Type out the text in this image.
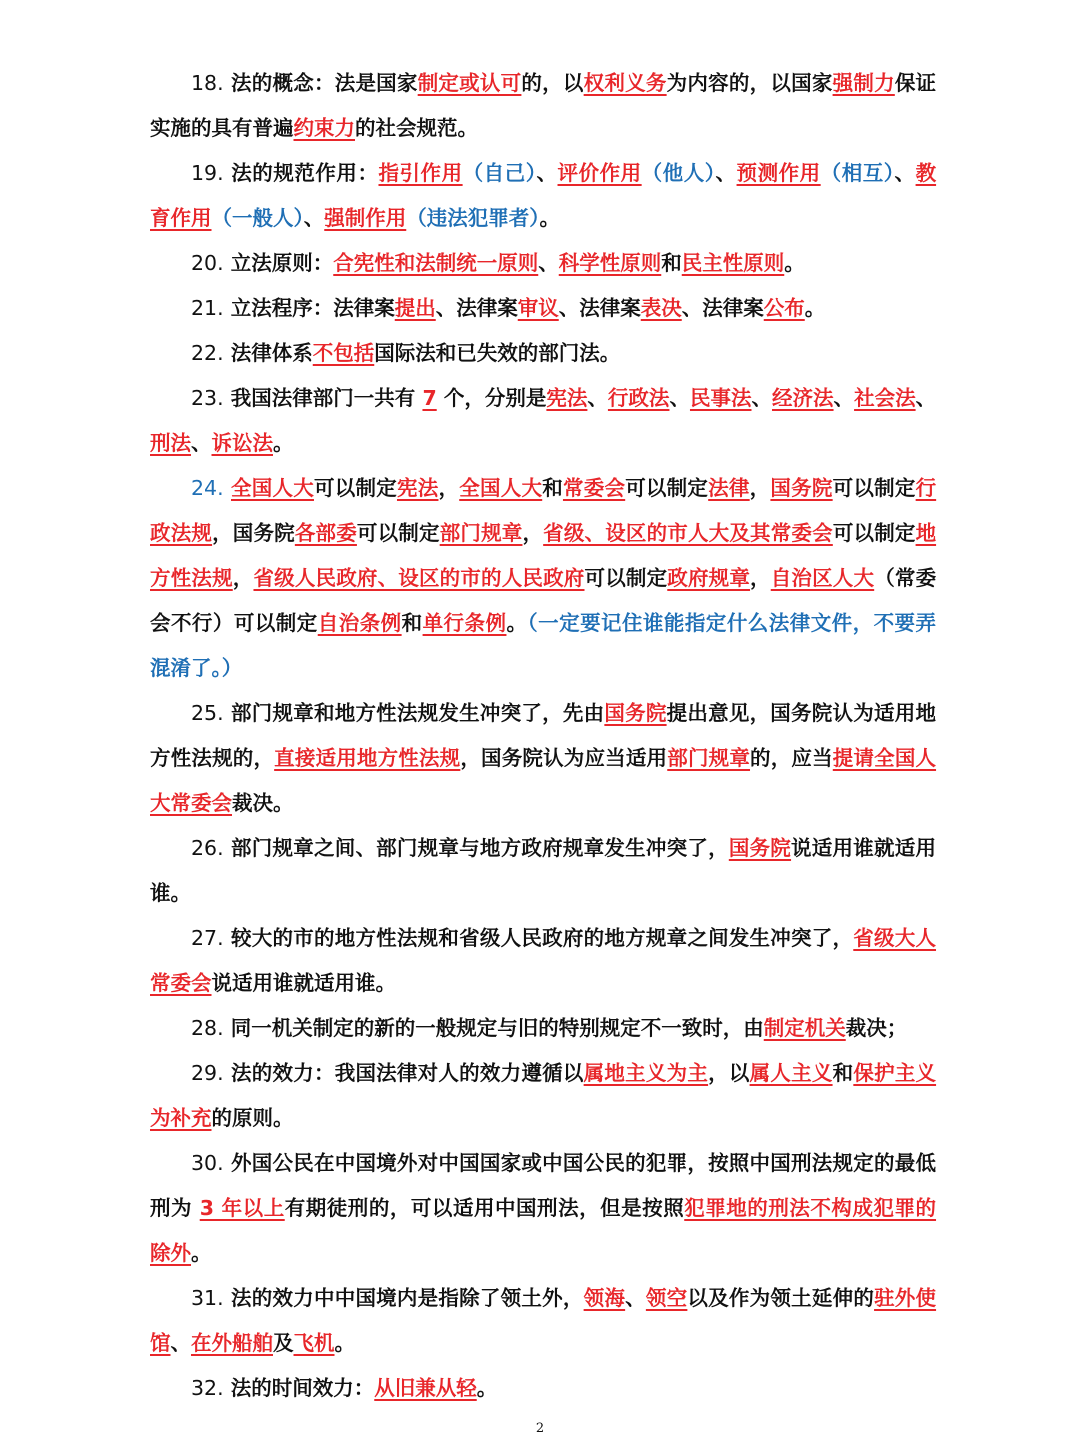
18. 法的概念：法是国家制定或认可的，以权利义务为内容的，以国家强制力保证实施的具有普遍约束力的社会规范。

19. 法的规范作用：指引作用（自己）、评价作用（他人）、预测作用（相互）、教育作用（一般人）、强制作用（违法犯罪者）。

20. 立法原则：合宪性和法制统一原则、科学性原则和民主性原则。

21. 立法程序：法律案提出、法律案审议、法律案表决、法律案公布。

22. 法律体系不包括国际法和已失效的部门法。

23. 我国法律部门一共有 7 个，分别是宪法、行政法、民事法、经济法、社会法、刑法、诉讼法。

24. 全国人大可以制定宪法，全国人大和常委会可以制定法律，国务院可以制定行政法规，国务院各部委可以制定部门规章，省级、设区的市人大及其常委会可以制定地方性法规，省级人民政府、设区的市的人民政府可以制定政府规章，自治区人大（常委会不行）可以制定自治条例和单行条例。（一定要记住谁能指定什么法律文件，不要弄混淆了。）

25. 部门规章和地方性法规发生冲突了，先由国务院提出意见，国务院认为适用地方性法规的，直接适用地方性法规，国务院认为应当适用部门规章的，应当提请全国人大常委会裁决。

26. 部门规章之间、部门规章与地方政府规章发生冲突了，国务院说适用谁就适用谁。

27. 较大的市的地方性法规和省级人民政府的地方规章之间发生冲突了，省级大人常委会说适用谁就适用谁。

28. 同一机关制定的新的一般规定与旧的特别规定不一致时，由制定机关裁决；

29. 法的效力：我国法律对人的效力遵循以属地主义为主，以属人主义和保护主义为补充的原则。

30. 外国公民在中国境外对中国国家或中国公民的犯罪，按照中国刑法规定的最低刑为 3 年以上有期徒刑的，可以适用中国刑法，但是按照犯罪地的刑法不构成犯罪的除外。

31. 法的效力中中国境内是指除了领土外，领海、领空以及作为领土延伸的驻外使馆、在外船舶及飞机。

32. 法的时间效力：从旧兼从轻。

2
